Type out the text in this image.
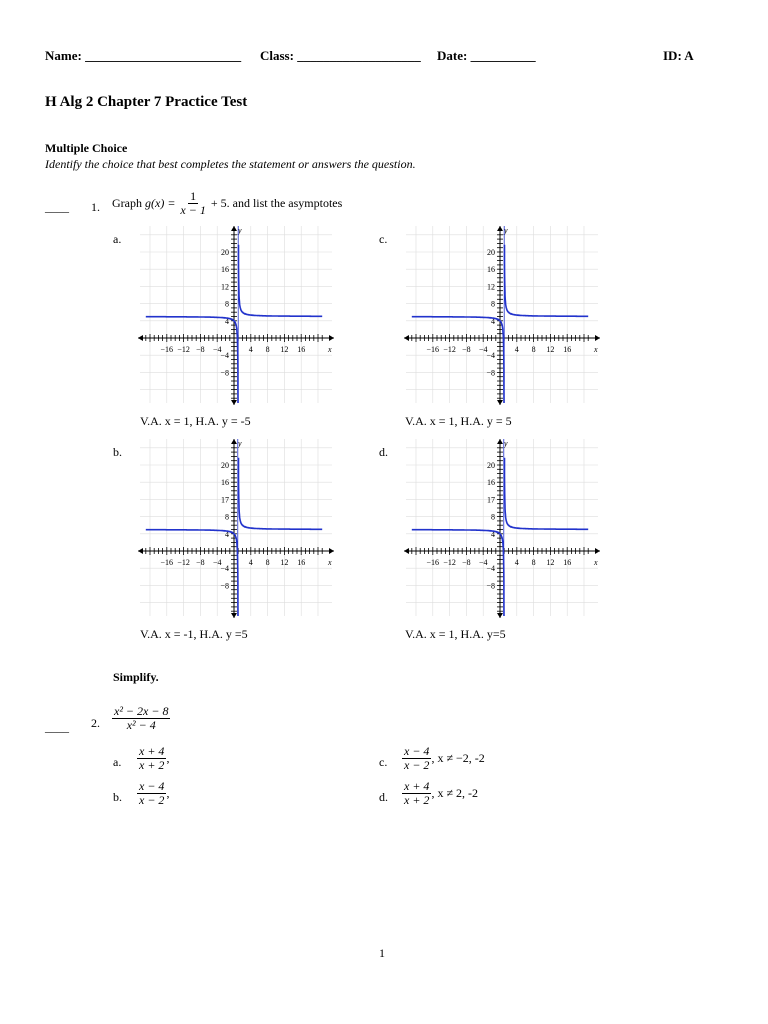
Name: ________________________ Class: ___________________ Date: __________	ID: A
H Alg 2 Chapter 7 Practice Test
Multiple Choice
Identify the choice that best completes the statement or answers the question.
____ 1. Graph $g(x) = \frac{1}{x - 1} + 5$. and list the asymptotes
a.	c.
b.	d.
−16 −12 −8 −4	4 8 12 16
20
16
12
8
4
−4
−8
y
x	−16 −12 −8 −4	4 8 12 16
20
16
12
8
4
−4
−8
y
x
−16 −12 −8 −4	4 8 12 16
20
16
17
8
4
−4
−8
y
x	−16 −12 −8 −4	4 8 12 16
20
16
17
8
4
−4
−8
y
x
V.A. x = 1, H.A. y = -5	V.A. x = 1, H.A. y = 5
V.A. x = -1, H.A. y =5	V.A. x = 1, H.A. y=5
Simplify.
____ 2. $\frac{\text{x² − 2x − 8}}{\text{x² − 4}}$
a. $\frac{x + 4}{x + 2}$ ,	c. $\frac{x - 4}{x - 2}$ , x ≠ −2, -2
b. $\frac{x - 4}{x - 2}$ ,	d. $\frac{x + 4}{x + 2}$ , x ≠ 2, -2
1
